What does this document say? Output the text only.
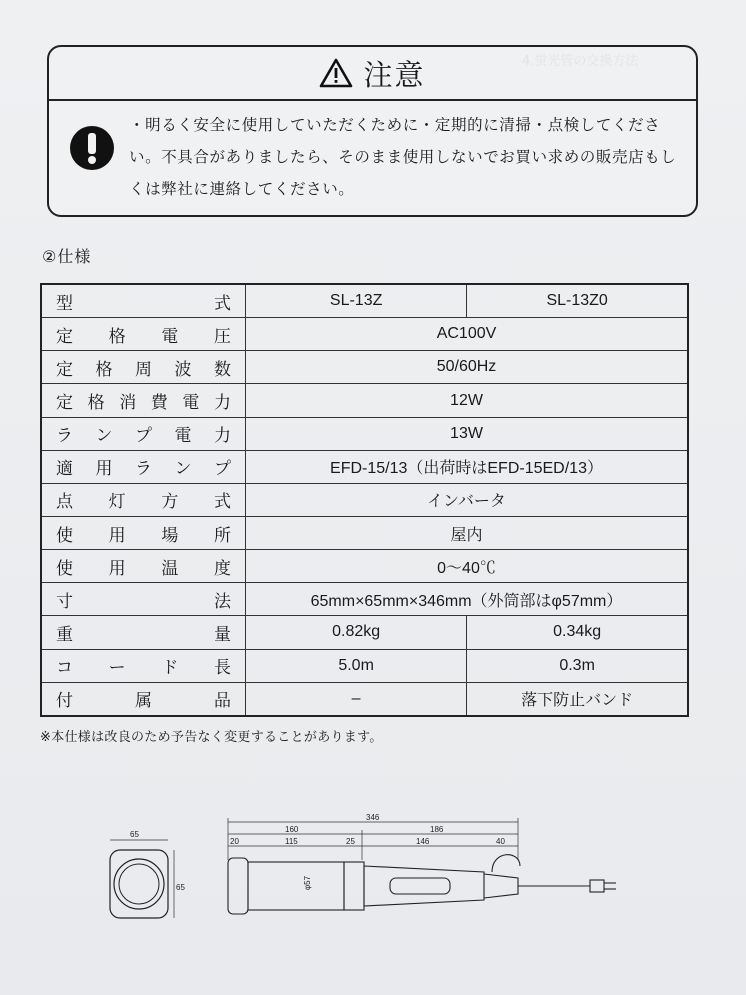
注意
・明るく安全に使用していただくために・定期的に清掃・点検してください。不具合がありましたら、そのまま使用しないでお買い求めの販売店もしくは弊社に連絡してください。
②仕様
型式	SL-13Z	SL-13Z0
定格電圧	AC100V	
定格周波数	50/60Hz	
定格消費電力	12W	
ランプ電力	13W	
適用ランプ	EFD-15/13（出荷時はEFD-15ED/13）	
点灯方式	インバータ	
使用場所	屋内	
使用温度	0～40℃	
寸法	65mm×65mm×346mm（外筒部はφ57mm）	
重量	0.82kg	0.34kg
コード長	5.0m	0.3m
付属品	–	落下防止バンド
※本仕様は改良のため予告なく変更することがあります。
65
65
346
160	186
20	115	25	146	40
φ57
